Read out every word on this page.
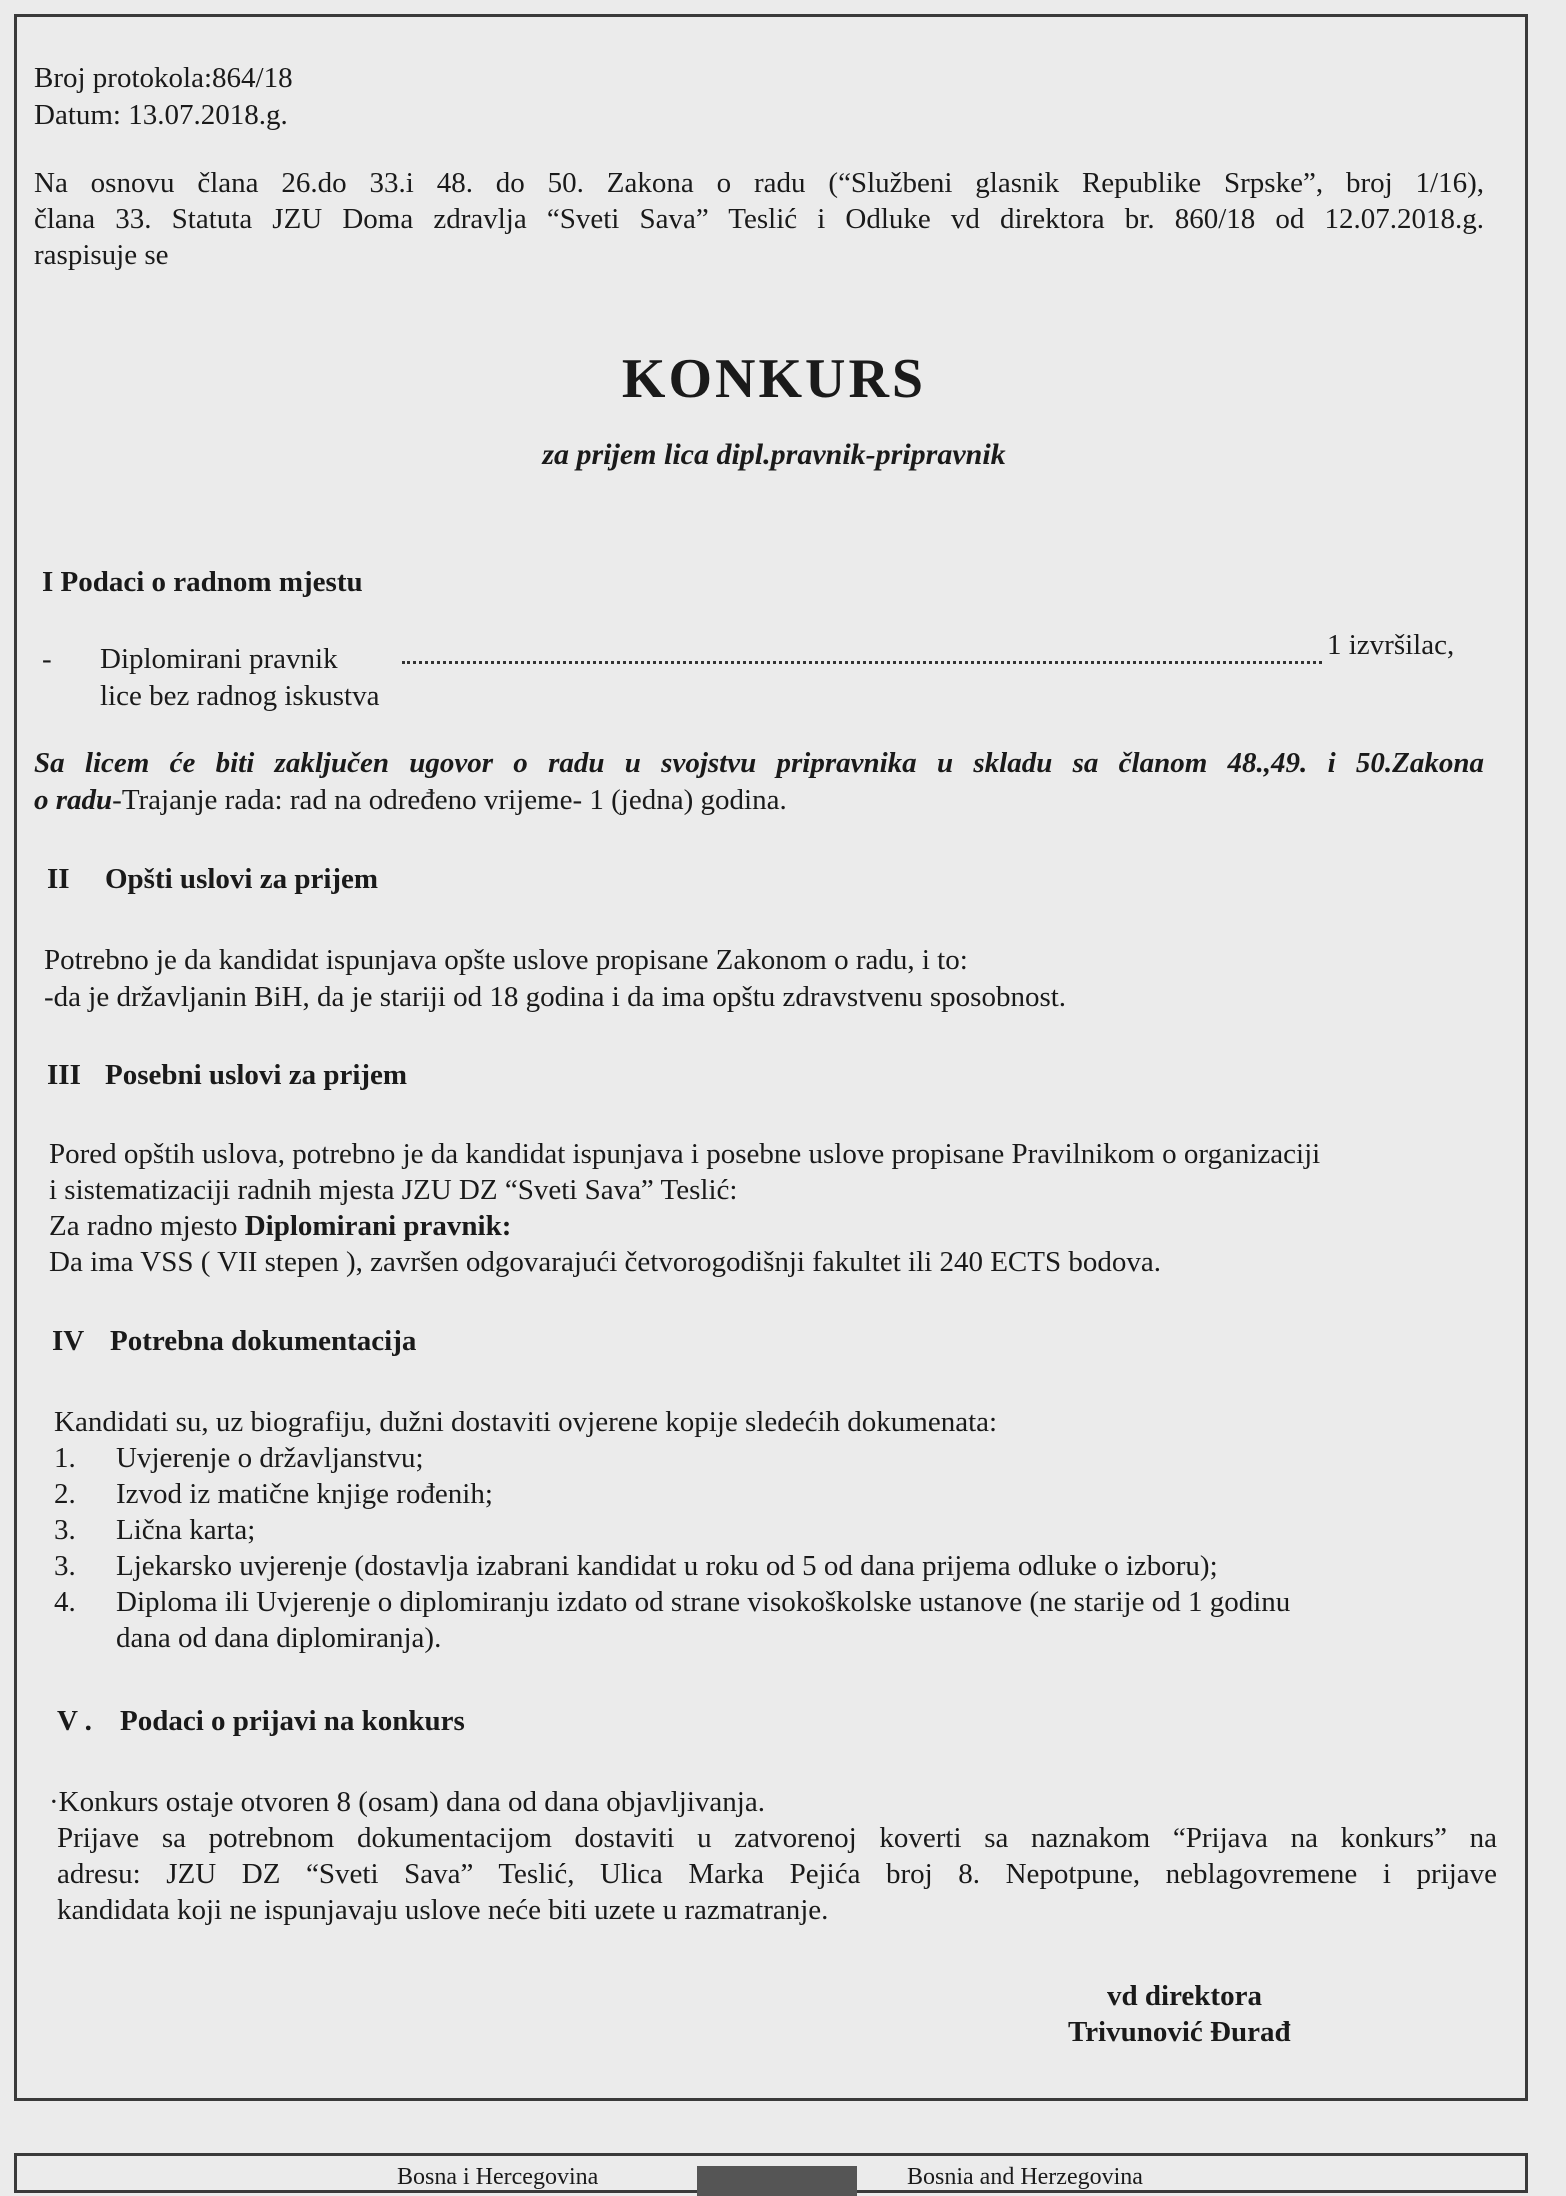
Broj protokola:864/18
Datum: 13.07.2018.g.
Na osnovu člana 26.do 33.i 48. do 50. Zakona o radu (“Službeni glasnik Republike Srpske”, broj 1/16),
člana 33. Statuta JZU Doma zdravlja “Sveti Sava” Teslić i Odluke vd direktora br. 860/18 od 12.07.2018.g.
raspisuje se
KONKURS
za prijem lica dipl.pravnik-pripravnik
I Podaci o radnom mjestu
- Diplomirani pravnik	1 izvršilac,
lice bez radnog iskustva
Sa licem će biti zaključen ugovor o radu u svojstvu pripravnika u skladu sa članom 48.,49. i 50.Zakona
o radu-Trajanje rada: rad na određeno vrijeme- 1 (jedna) godina.
II Opšti uslovi za prijem
Potrebno je da kandidat ispunjava opšte uslove propisane Zakonom o radu, i to:
-da je državljanin BiH, da je stariji od 18 godina i da ima opštu zdravstvenu sposobnost.
III Posebni uslovi za prijem
Pored opštih uslova, potrebno je da kandidat ispunjava i posebne uslove propisane Pravilnikom o organizaciji
i sistematizaciji radnih mjesta JZU DZ “Sveti Sava” Teslić:
Za radno mjesto Diplomirani pravnik:
Da ima VSS ( VII stepen ), završen odgovarajući četvorogodišnji fakultet ili 240 ECTS bodova.
IV Potrebna dokumentacija
Kandidati su, uz biografiju, dužni dostaviti ovjerene kopije sledećih dokumenata:
1. Uvjerenje o državljanstvu;
2. Izvod iz matične knjige rođenih;
3. Lična karta;
3. Ljekarsko uvjerenje (dostavlja izabrani kandidat u roku od 5 od dana prijema odluke o izboru);
4. Diploma ili Uvjerenje o diplomiranju izdato od strane visokoškolske ustanove (ne starije od 1 godinu
dana od dana diplomiranja).
V . Podaci o prijavi na konkurs
·Konkurs ostaje otvoren 8 (osam) dana od dana objavljivanja.
Prijave sa potrebnom dokumentacijom dostaviti u zatvorenoj koverti sa naznakom “Prijava na konkurs” na
adresu: JZU DZ “Sveti Sava” Teslić, Ulica Marka Pejića broj 8. Nepotpune, neblagovremene i prijave
kandidata koji ne ispunjavaju uslove neće biti uzete u razmatranje.
vd direktora
Trivunović Đurađ
Bosna i Hercegovina	Bosnia and Herzegovina
